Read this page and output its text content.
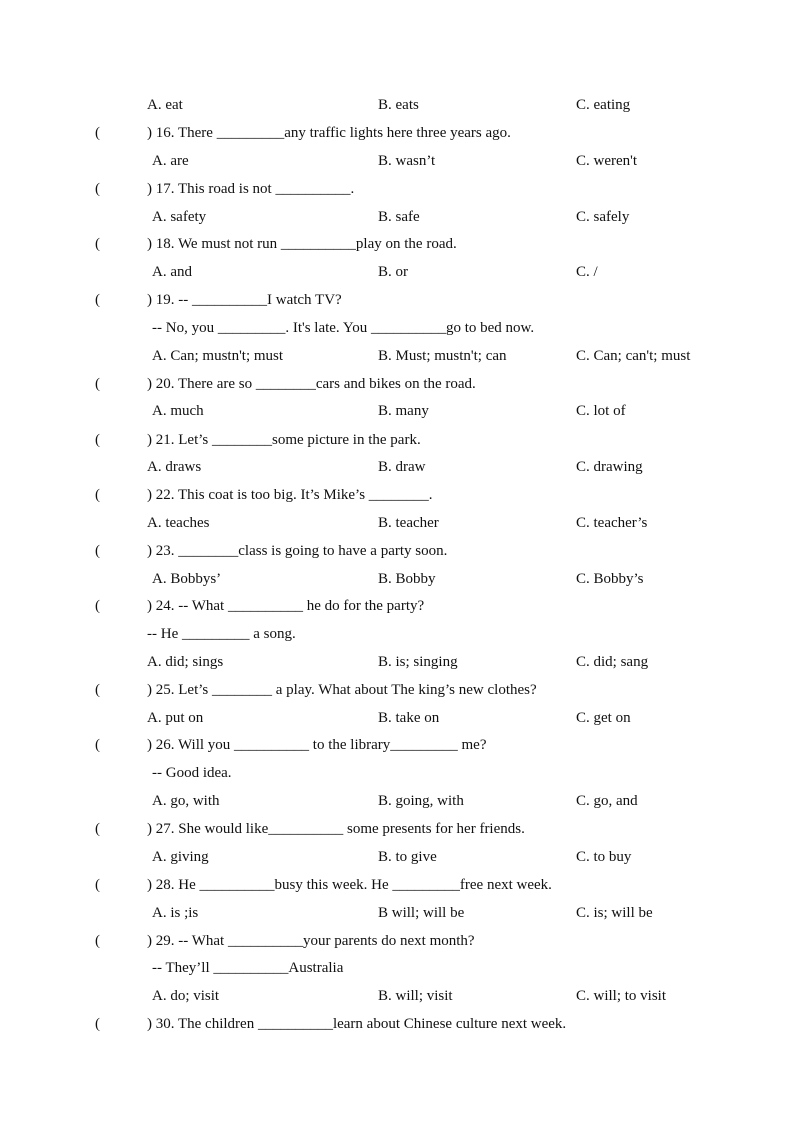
A. eat	B. eats	C. eating
(	) 16. There _________any traffic lights here three years ago.
A. are	B. wasn’t	C. weren't
(	) 17. This road is not __________.
A. safety	B. safe	C. safely
(	) 18. We must not run __________play on the road.
A. and	B. or	C. /
(	) 19. -- __________I watch TV?
-- No, you _________. It's late. You __________go to bed now.
A. Can; mustn't; must	B. Must; mustn't; can	C. Can; can't; must
(	) 20. There are so ________cars and bikes on the road.
A. much	B. many	C. lot of
(	) 21. Let’s ________some picture in the park.
A. draws	B. draw	C. drawing
(	) 22. This coat is too big. It’s Mike’s ________.
A. teaches	B. teacher	C. teacher’s
(	) 23. ________class is going to have a party soon.
A. Bobbys’	B. Bobby	C. Bobby’s
(	) 24. -- What __________ he do for the party?
-- He _________ a song.
A. did; sings	B. is; singing	C. did; sang
(	) 25. Let’s ________ a play. What about The king’s new clothes?
A. put on	B. take on	C. get on
(	) 26. Will you __________ to the library_________ me?
-- Good idea.
A. go, with	B. going, with	C. go, and
(	) 27. She would like__________ some presents for her friends.
A. giving	B. to give	C. to buy
(	) 28. He __________busy this week. He _________free next week.
A. is ;is	B will; will be	C. is; will be
(	) 29. -- What __________your parents do next month?
-- They’ll __________Australia
A. do; visit	B. will; visit	C. will; to visit
(	) 30. The children __________learn about Chinese culture next week.
